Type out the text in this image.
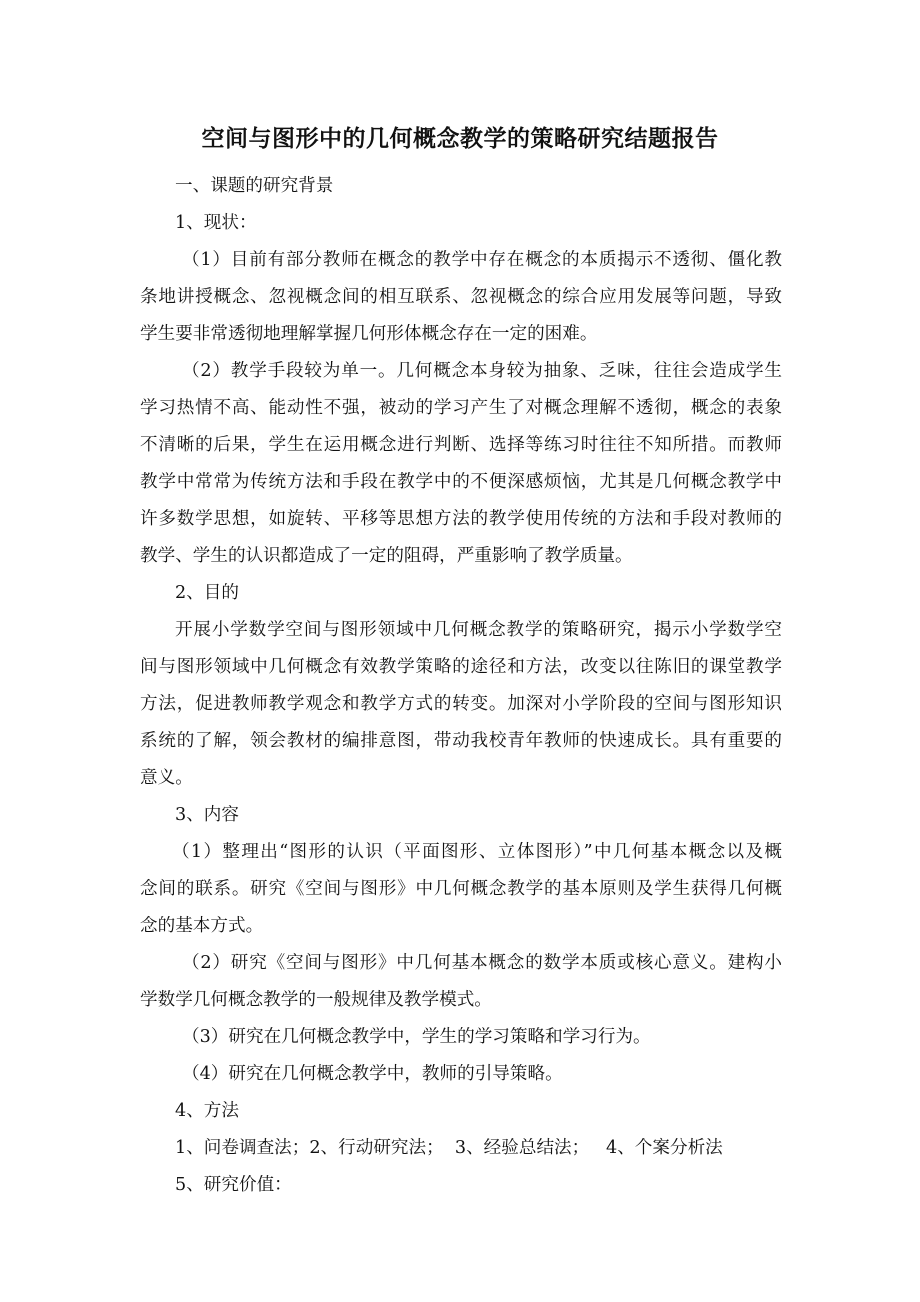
空间与图形中的几何概念教学的策略研究结题报告
一、课题的研究背景
1、现状：
（1）目前有部分教师在概念的教学中存在概念的本质揭示不透彻、僵化教
条地讲授概念、忽视概念间的相互联系、忽视概念的综合应用发展等问题，导致
学生要非常透彻地理解掌握几何形体概念存在一定的困难。
（2）教学手段较为单一。几何概念本身较为抽象、乏味，往往会造成学生
学习热情不高、能动性不强，被动的学习产生了对概念理解不透彻，概念的表象
不清晰的后果，学生在运用概念进行判断、选择等练习时往往不知所措。而教师
教学中常常为传统方法和手段在教学中的不便深感烦恼，尤其是几何概念教学中
许多数学思想，如旋转、平移等思想方法的教学使用传统的方法和手段对教师的
教学、学生的认识都造成了一定的阻碍，严重影响了教学质量。
2、目的
开展小学数学空间与图形领域中几何概念教学的策略研究，揭示小学数学空
间与图形领域中几何概念有效教学策略的途径和方法，改变以往陈旧的课堂教学
方法，促进教师教学观念和教学方式的转变。加深对小学阶段的空间与图形知识
系统的了解，领会教材的编排意图，带动我校青年教师的快速成长。具有重要的
意义。
3、内容
（1）整理出“图形的认识（平面图形、立体图形）”中几何基本概念以及概
念间的联系。研究《空间与图形》中几何概念教学的基本原则及学生获得几何概
念的基本方式。
（2）研究《空间与图形》中几何基本概念的数学本质或核心意义。建构小
学数学几何概念教学的一般规律及教学模式。
（3）研究在几何概念教学中，学生的学习策略和学习行为。
（4）研究在几何概念教学中，教师的引导策略。
4、方法
1、问卷调查法；2、行动研究法；  3、经验总结法；   4、个案分析法
5、研究价值：
